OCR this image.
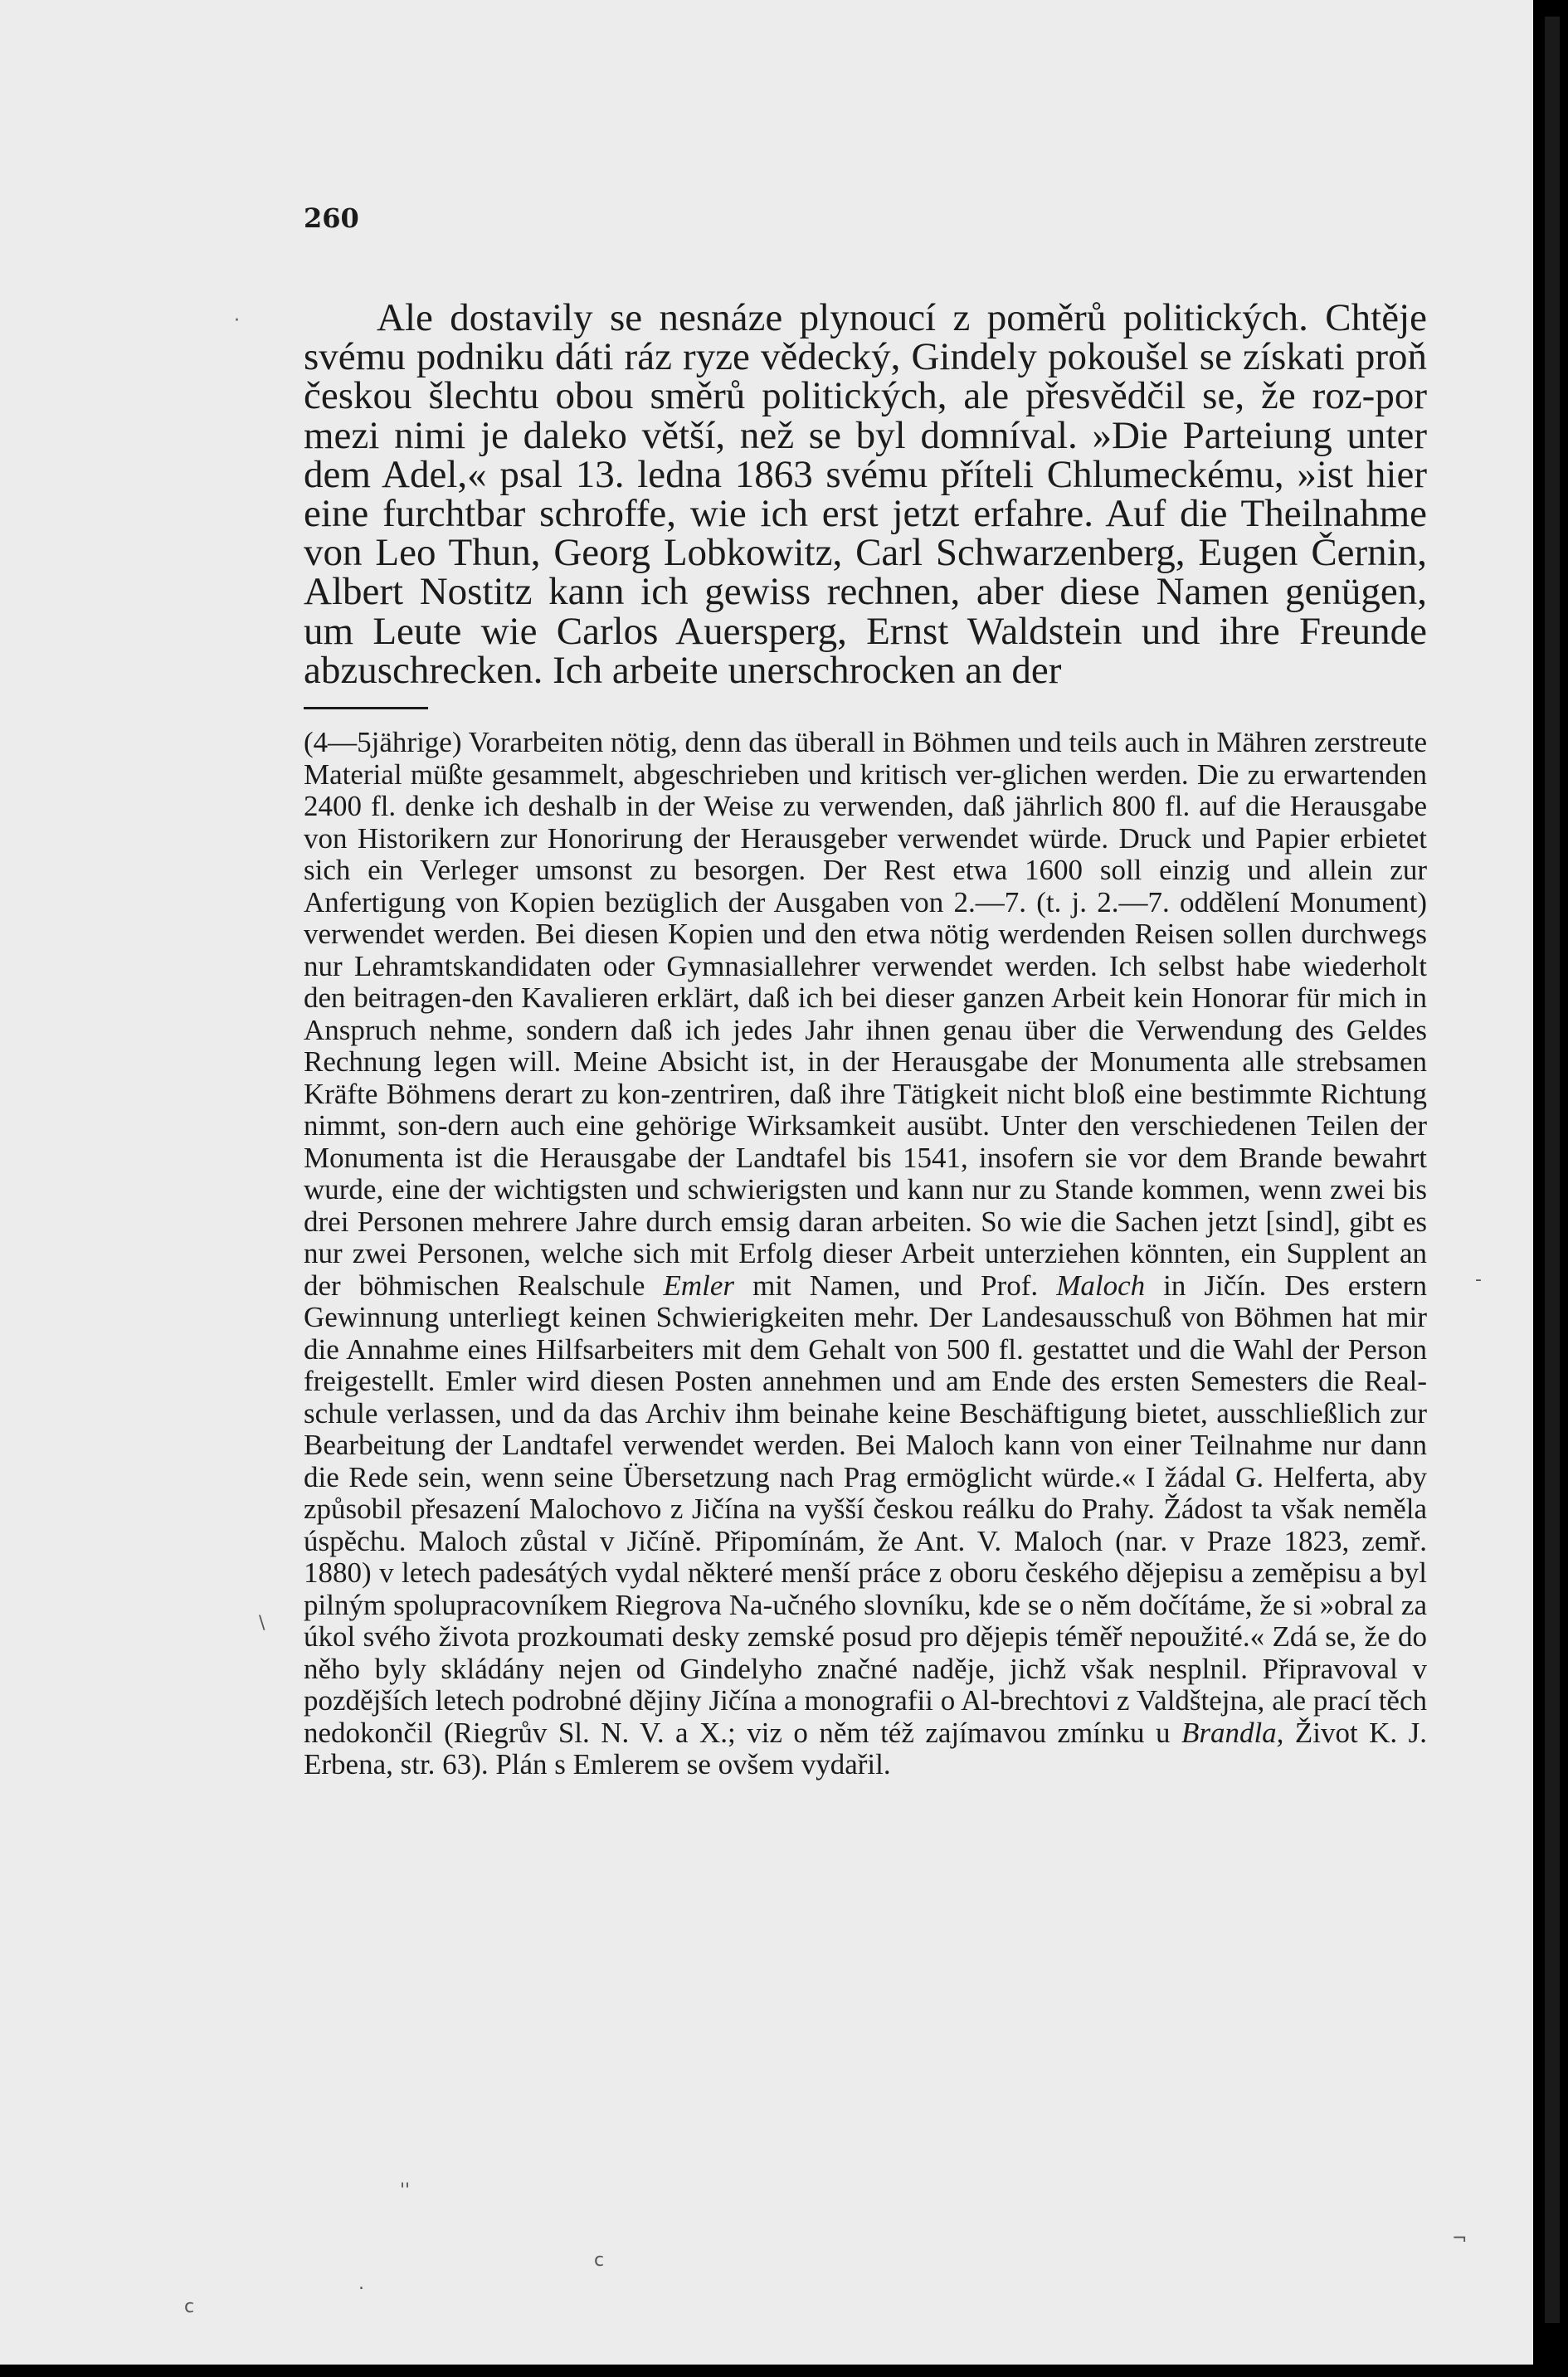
260

Ale dostavily se nesnáze plynoucí z poměrů politických. Chtěje svému podniku dáti ráz ryze vědecký, Gindely pokoušel se získati proň českou šlechtu obou směrů politických, ale přesvědčil se, že roz-por mezi nimi je daleko větší, než se byl domníval. »Die Parteiung unter dem Adel,« psal 13. ledna 1863 svému příteli Chlumeckému, »ist hier eine furchtbar schroffe, wie ich erst jetzt erfahre. Auf die Theilnahme von Leo Thun, Georg Lobkowitz, Carl Schwarzenberg, Eugen Černin, Albert Nostitz kann ich gewiss rechnen, aber diese Namen genügen, um Leute wie Carlos Auersperg, Ernst Waldstein und ihre Freunde abzuschrecken. Ich arbeite unerschrocken an der

(4—5jährige) Vorarbeiten nötig, denn das überall in Böhmen und teils auch in Mähren zerstreute Material müßte gesammelt, abgeschrieben und kritisch ver-glichen werden. Die zu erwartenden 2400 fl. denke ich deshalb in der Weise zu verwenden, daß jährlich 800 fl. auf die Herausgabe von Historikern zur Honorirung der Herausgeber verwendet würde. Druck und Papier erbietet sich ein Verleger umsonst zu besorgen. Der Rest etwa 1600 soll einzig und allein zur Anfertigung von Kopien bezüglich der Ausgaben von 2.—7. (t. j. 2.—7. oddělení Monument) verwendet werden. Bei diesen Kopien und den etwa nötig werdenden Reisen sollen durchwegs nur Lehramtskandidaten oder Gymnasiallehrer verwendet werden. Ich selbst habe wiederholt den beitragen-den Kavalieren erklärt, daß ich bei dieser ganzen Arbeit kein Honorar für mich in Anspruch nehme, sondern daß ich jedes Jahr ihnen genau über die Verwendung des Geldes Rechnung legen will. Meine Absicht ist, in der Herausgabe der Monumenta alle strebsamen Kräfte Böhmens derart zu kon-zentriren, daß ihre Tätigkeit nicht bloß eine bestimmte Richtung nimmt, son-dern auch eine gehörige Wirksamkeit ausübt. Unter den verschiedenen Teilen der Monumenta ist die Herausgabe der Landtafel bis 1541, insofern sie vor dem Brande bewahrt wurde, eine der wichtigsten und schwierigsten und kann nur zu Stande kommen, wenn zwei bis drei Personen mehrere Jahre durch emsig daran arbeiten. So wie die Sachen jetzt [sind], gibt es nur zwei Personen, welche sich mit Erfolg dieser Arbeit unterziehen könnten, ein Supplent an der böhmischen Realschule Emler mit Namen, und Prof. Maloch in Jičín. Des erstern Gewinnung unterliegt keinen Schwierigkeiten mehr. Der Landesausschuß von Böhmen hat mir die Annahme eines Hilfsarbeiters mit dem Gehalt von 500 fl. gestattet und die Wahl der Person freigestellt. Emler wird diesen Posten annehmen und am Ende des ersten Semesters die Real-schule verlassen, und da das Archiv ihm beinahe keine Beschäftigung bietet, ausschließlich zur Bearbeitung der Landtafel verwendet werden. Bei Maloch kann von einer Teilnahme nur dann die Rede sein, wenn seine Übersetzung nach Prag ermöglicht würde.« I žádal G. Helferta, aby způsobil přesazení Malochovo z Jičína na vyšší českou reálku do Prahy. Žádost ta však neměla úspěchu. Maloch zůstal v Jičíně. Připomínám, že Ant. V. Maloch (nar. v Praze 1823, zemř. 1880) v letech padesátých vydal některé menší práce z oboru českého dějepisu a zeměpisu a byl pilným spolupracovníkem Riegrova Na-učného slovníku, kde se o něm dočítáme, že si »obral za úkol svého života prozkoumati desky zemské posud pro dějepis téměř nepoužité.« Zdá se, že do něho byly skládány nejen od Gindelyho značné naděje, jichž však nesplnil. Připravoval v pozdějších letech podrobné dějiny Jičína a monografii o Al-brechtovi z Valdštejna, ale prací těch nedokončil (Riegrův Sl. N. V. a X.; viz o něm též zajímavou zmínku u Brandla, Život K. J. Erbena, str. 63). Plán s Emlerem se ovšem vydařil.

·
\
-
''
c
.
c
¬
